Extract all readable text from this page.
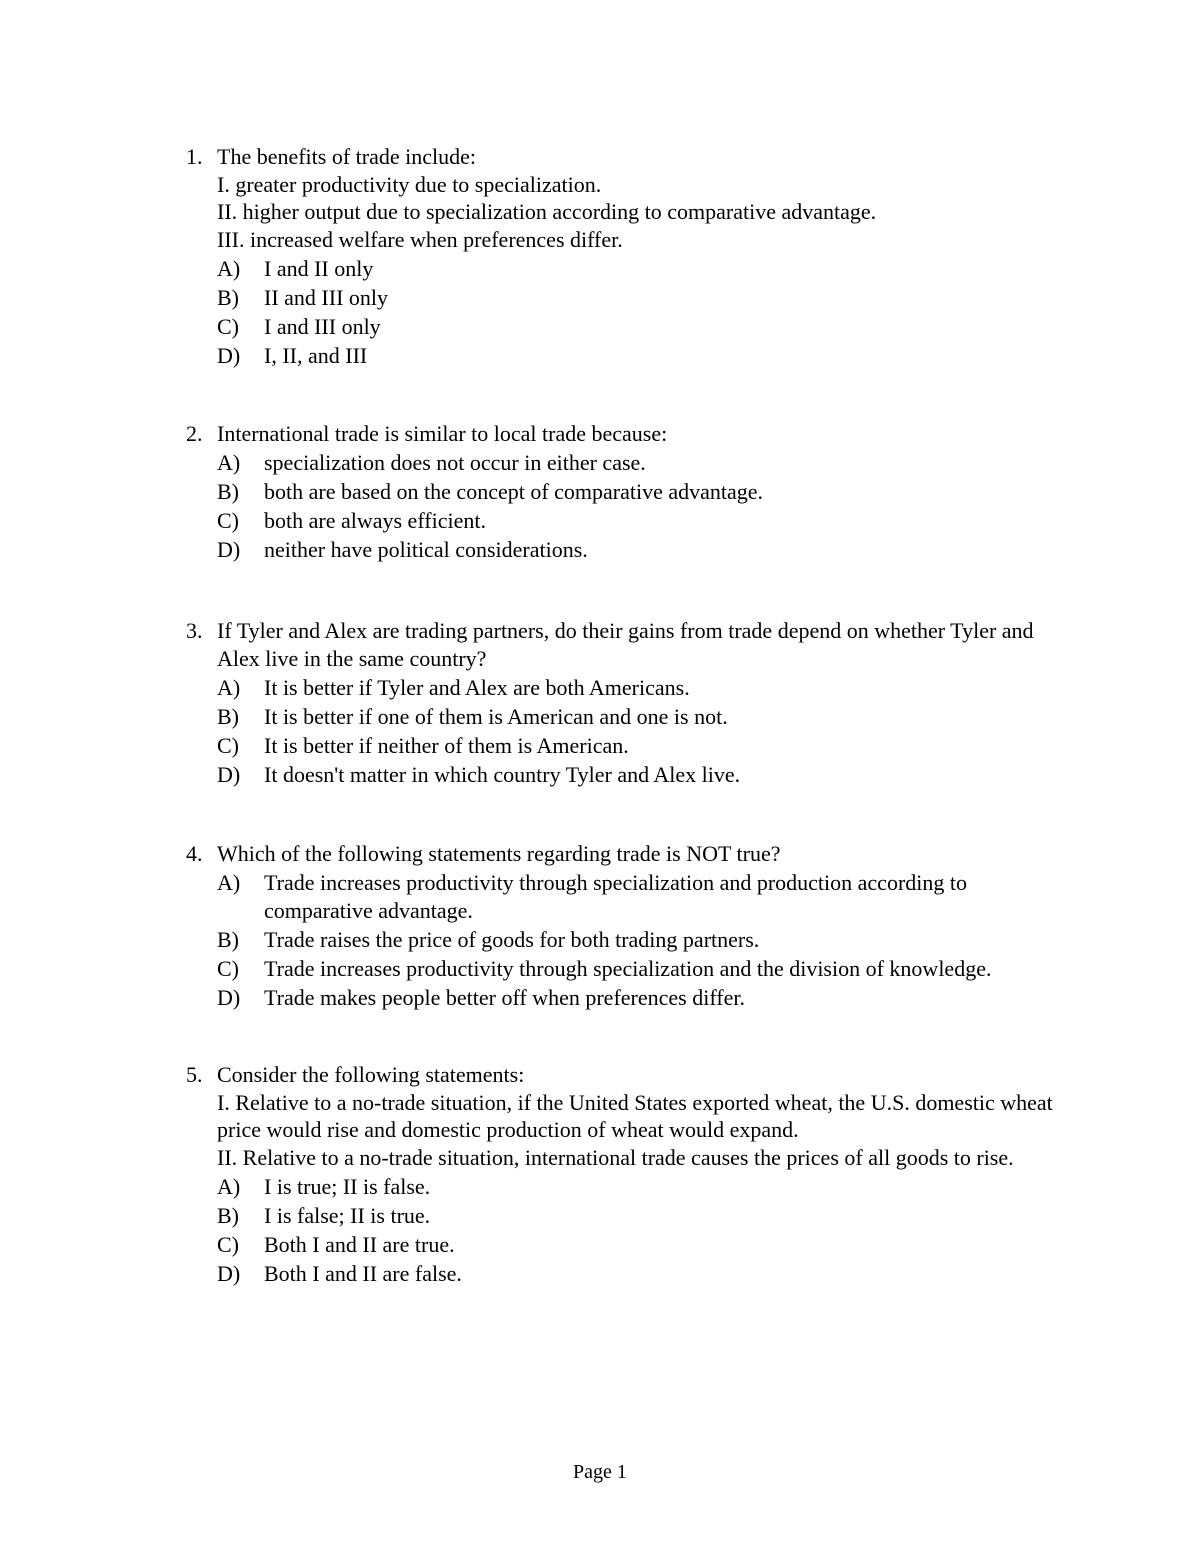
1. The benefits of trade include:
I. greater productivity due to specialization.
II. higher output due to specialization according to comparative advantage.
III. increased welfare when preferences differ.
A)	I and II only
B)	II and III only
C)	I and III only
D)	I, II, and III
2. International trade is similar to local trade because:
A)	specialization does not occur in either case.
B)	both are based on the concept of comparative advantage.
C)	both are always efficient.
D)	neither have political considerations.
3. If Tyler and Alex are trading partners, do their gains from trade depend on whether Tyler and Alex live in the same country?
A)	It is better if Tyler and Alex are both Americans.
B)	It is better if one of them is American and one is not.
C)	It is better if neither of them is American.
D)	It doesn't matter in which country Tyler and Alex live.
4. Which of the following statements regarding trade is NOT true?
A)	Trade increases productivity through specialization and production according to comparative advantage.
B)	Trade raises the price of goods for both trading partners.
C)	Trade increases productivity through specialization and the division of knowledge.
D)	Trade makes people better off when preferences differ.
5. Consider the following statements:
I. Relative to a no-trade situation, if the United States exported wheat, the U.S. domestic wheat price would rise and domestic production of wheat would expand.
II. Relative to a no-trade situation, international trade causes the prices of all goods to rise.
A)	I is true; II is false.
B)	I is false; II is true.
C)	Both I and II are true.
D)	Both I and II are false.
Page 1
